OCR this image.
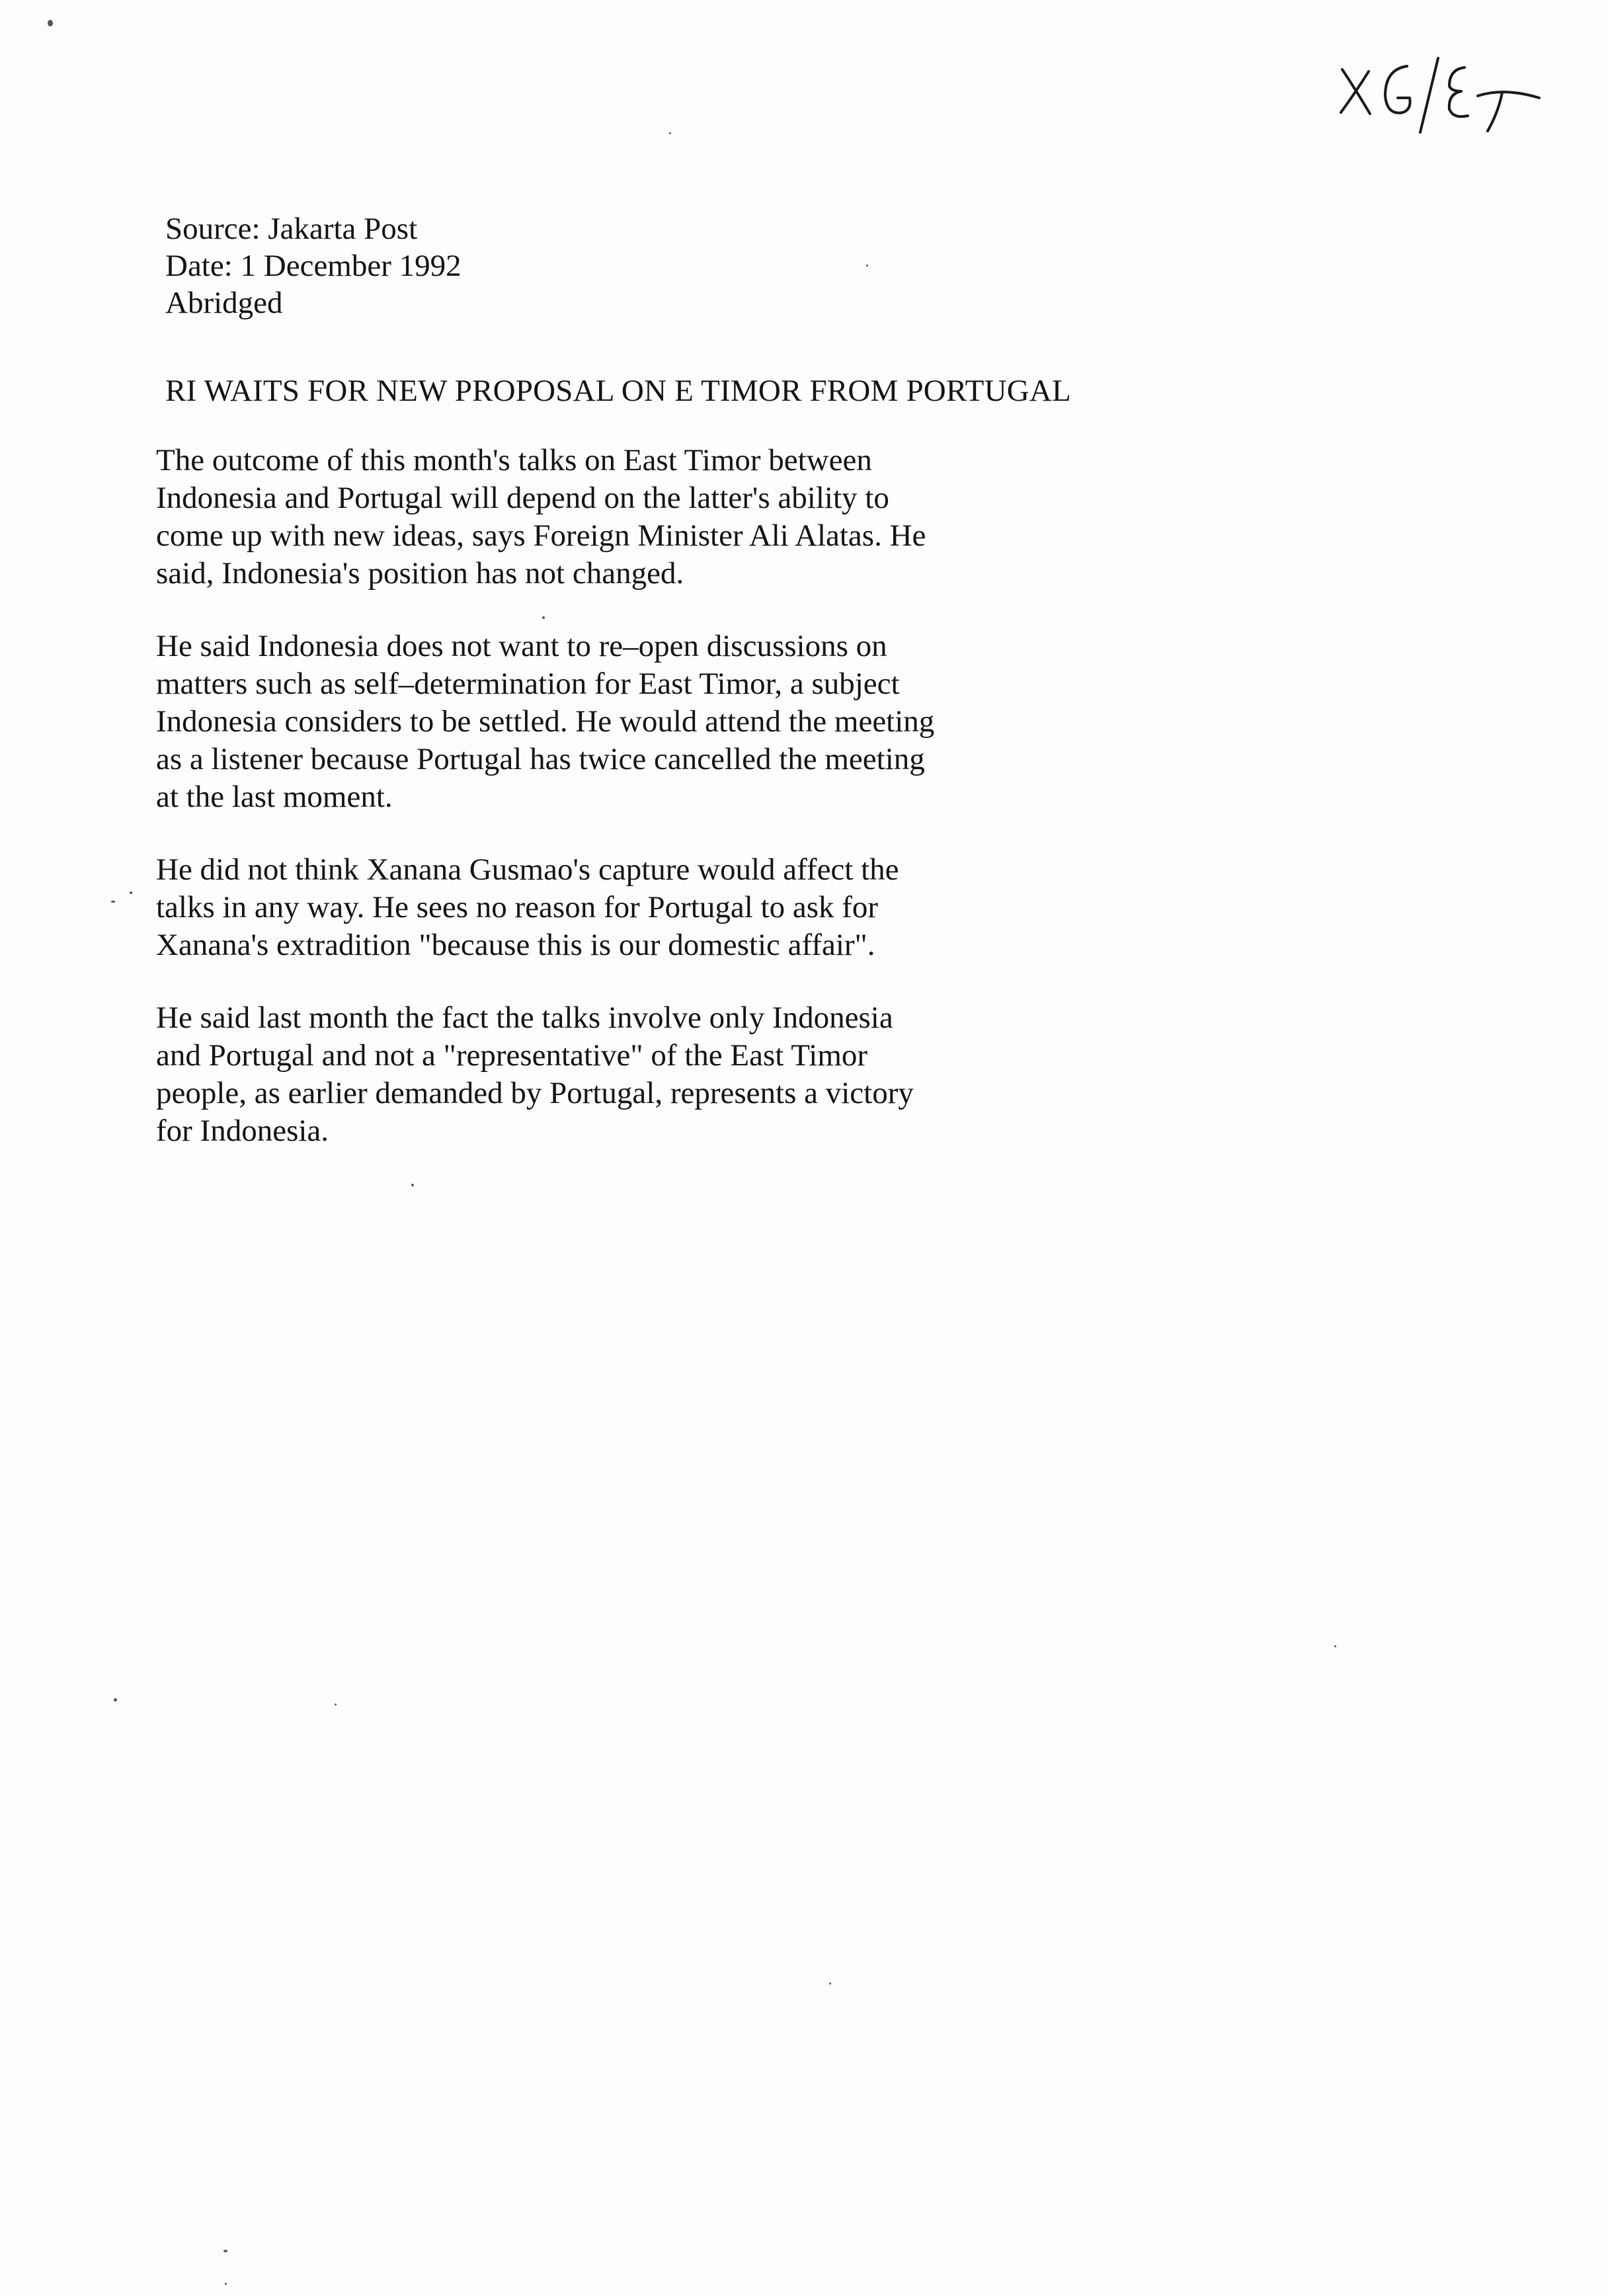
Source: Jakarta Post
Date: 1 December 1992
Abridged
RI WAITS FOR NEW PROPOSAL ON E TIMOR FROM PORTUGAL

The outcome of this month's talks on East Timor between
Indonesia and Portugal will depend on the latter's ability to
come up with new ideas, says Foreign Minister Ali Alatas. He
said, Indonesia's position has not changed.

He said Indonesia does not want to re–open discussions on
matters such as self–determination for East Timor, a subject
Indonesia considers to be settled. He would attend the meeting
as a listener because Portugal has twice cancelled the meeting
at the last moment.

He did not think Xanana Gusmao's capture would affect the
talks in any way. He sees no reason for Portugal to ask for
Xanana's extradition "because this is our domestic affair".

He said last month the fact the talks involve only Indonesia
and Portugal and not a "representative" of the East Timor
people, as earlier demanded by Portugal, represents a victory
for Indonesia.
